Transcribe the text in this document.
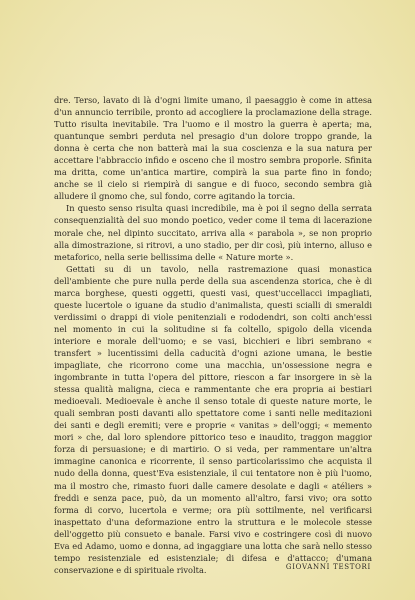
dre. Terso, lavato di là d'ogni limite umano, il paesaggio è come in attesa d'un annuncio terribile, pronto ad accogliere la proclamazione della strage. Tutto risulta inevitabile. Tra l'uomo e il mostro la guerra è aperta; ma, quantunque sembri perduta nel presagio d'un dolore troppo grande, la donna è certa che non batterà mai la sua coscienza e la sua natura per accettare l'abbraccio infido e osceno che il mostro sembra proporle. Sfinita ma dritta, come un'antica martire, compirà la sua parte fino in fondo; anche se il cielo si riempirà di sangue e di fuoco, secondo sembra già alludere il gnomo che, sul fondo, corre agitando la torcia.

In questo senso risulta quasi incredibile, ma è poi il segno della serrata consequenzialità del suo mondo poetico, veder come il tema di lacerazione morale che, nel dipinto succitato, arriva alla « parabola », se non proprio alla dimostrazione, si ritrovi, a uno stadio, per dir così, più interno, alluso e metaforico, nella serie bellissima delle « Nature morte ».

Gettati su di un tavolo, nella rastremazione quasi monastica dell'ambiente che pure nulla perde della sua ascendenza storica, che è di marca borghese, questi oggetti, questi vasi, quest'uccellacci impagliati, queste lucertole o iguane da studio d'animalista, questi scialli di smeraldi verdissimi o drappi di viole penitenziali e rododendri, son colti anch'essi nel momento in cui la solitudine si fa coltello, spigolo della vicenda interiore e morale dell'uomo; e se vasi, bicchieri e libri sembrano « transfert » lucentissimi della caducità d'ogni azione umana, le bestie impagliate, che ricorrono come una macchia, un'ossessione negra e ingombrante in tutta l'opera del pittore, riescon a far insorgere in sè la stessa qualità maligna, cieca e rammentante che era propria ai bestiari medioevali. Medioevale è anche il senso totale di queste nature morte, le quali sembran posti davanti allo spettatore come i santi nelle meditazioni dei santi e degli eremiti; vere e proprie « vanitas » dell'oggi; « memento mori » che, dal loro splendore pittorico teso e inaudito, traggon maggior forza di persuasione; e di martirio. O si veda, per rammentare un'altra immagine canonica e ricorrente, il senso particolarissimo che acquista il nudo della donna, quest'Eva esistenziale, il cui tentatore non è più l'uomo, ma il mostro che, rimasto fuori dalle camere desolate e dagli « atéliers » freddi e senza pace, può, da un momento all'altro, farsi vivo; ora sotto forma di corvo, lucertola e verme; ora più sottilmente, nel verificarsi inaspettato d'una deformazione entro la struttura e le molecole stesse dell'oggetto più consueto e banale. Farsi vivo e costringere così di nuovo Eva ed Adamo, uomo e donna, ad ingaggiare una lotta che sarà nello stesso tempo resistenziale ed esistenziale; di difesa e d'attacco; d'umana conservazione e di spirituale rivolta.	GIOVANNI TESTORI
